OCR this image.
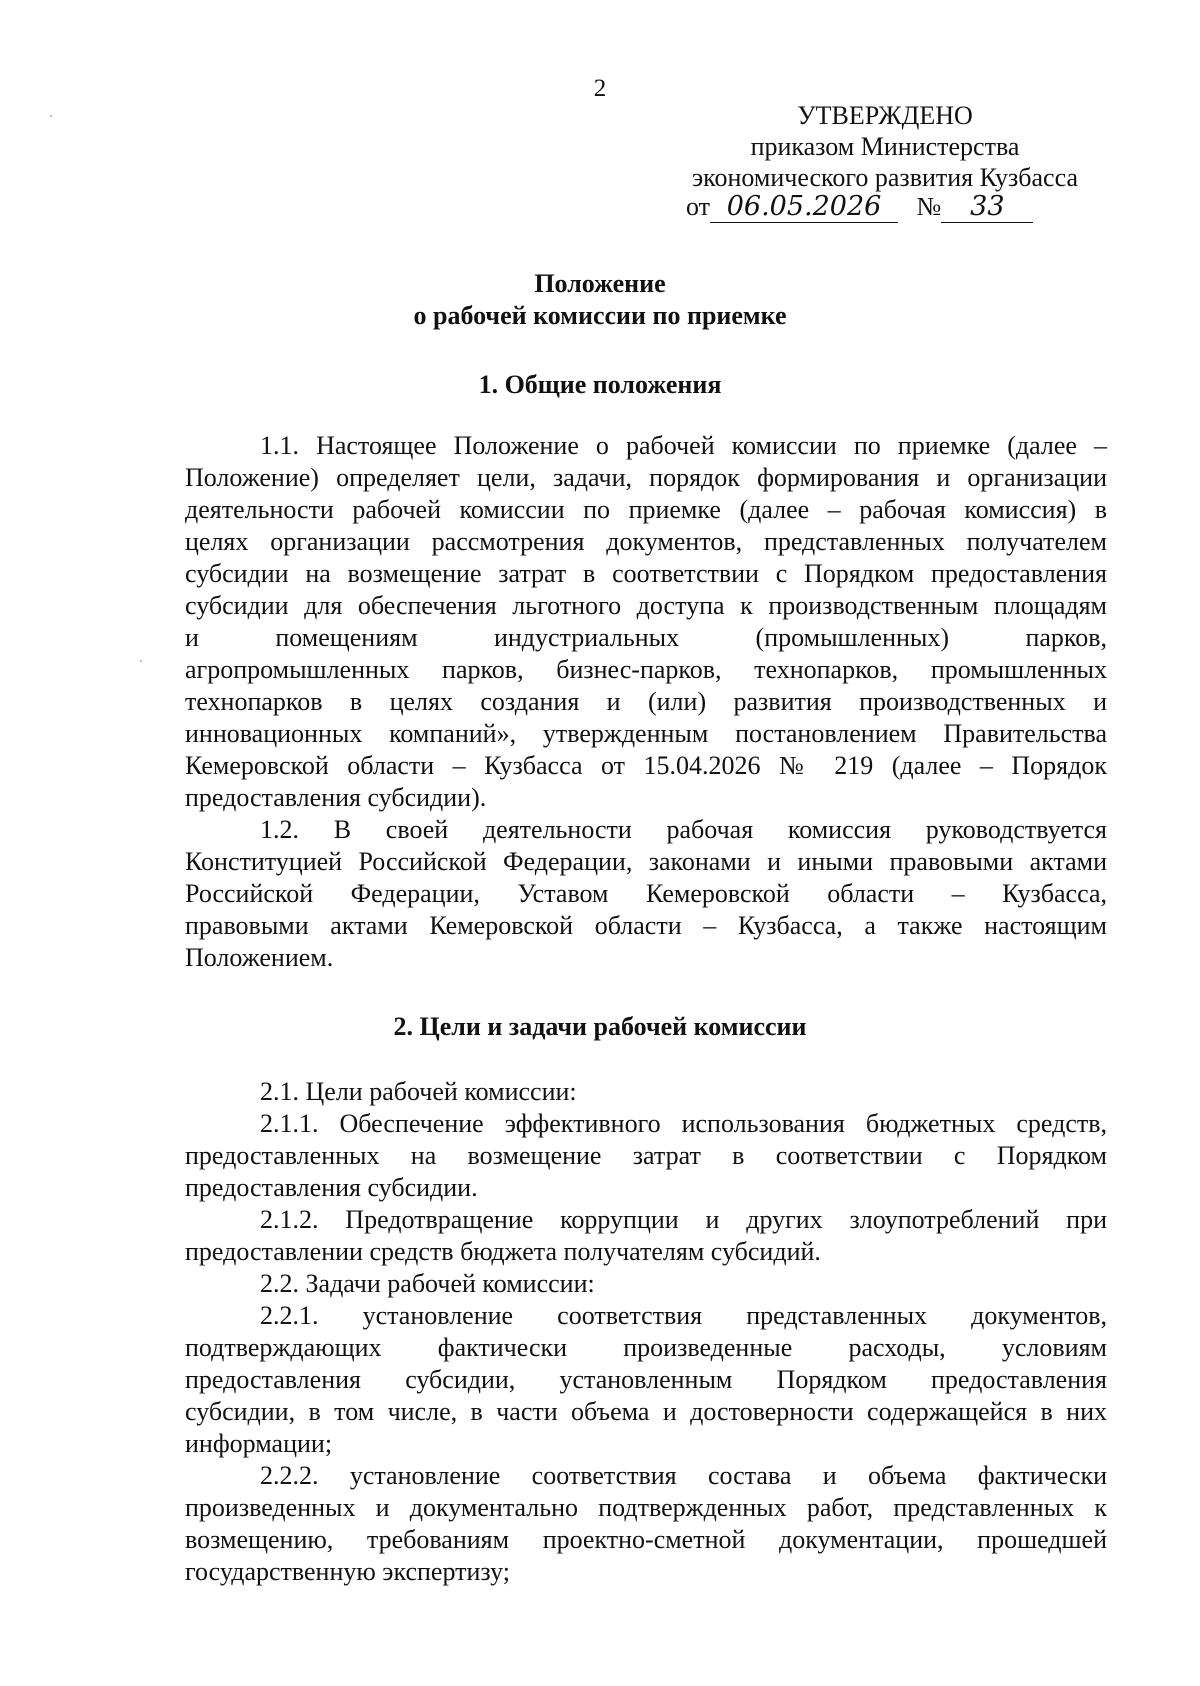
2
УТВЕРЖДЕНО
приказом Министерства
экономического развития Кузбасса
от 06.05.2026 № 33
Положение
о рабочей комиссии по приемке
1. Общие положения
1.1. Настоящее Положение о рабочей комиссии по приемке (далее –
Положение) определяет цели, задачи, порядок формирования и организации
деятельности рабочей комиссии по приемке (далее – рабочая комиссия) в
целях организации рассмотрения документов, представленных получателем
субсидии на возмещение затрат в соответствии с Порядком предоставления
субсидии для обеспечения льготного доступа к производственным площадям
и помещениям индустриальных (промышленных) парков,
агропромышленных парков, бизнес-парков, технопарков, промышленных
технопарков в целях создания и (или) развития производственных и
инновационных компаний», утвержденным постановлением Правительства
Кемеровской области – Кузбасса от 15.04.2026 № 219 (далее – Порядок
предоставления субсидии).
1.2. В своей деятельности рабочая комиссия руководствуется
Конституцией Российской Федерации, законами и иными правовыми актами
Российской Федерации, Уставом Кемеровской области – Кузбасса,
правовыми актами Кемеровской области – Кузбасса, а также настоящим
Положением.
2. Цели и задачи рабочей комиссии
2.1. Цели рабочей комиссии:
2.1.1. Обеспечение эффективного использования бюджетных средств,
предоставленных на возмещение затрат в соответствии с Порядком
предоставления субсидии.
2.1.2. Предотвращение коррупции и других злоупотреблений при
предоставлении средств бюджета получателям субсидий.
2.2. Задачи рабочей комиссии:
2.2.1. установление соответствия представленных документов,
подтверждающих фактически произведенные расходы, условиям
предоставления субсидии, установленным Порядком предоставления
субсидии, в том числе, в части объема и достоверности содержащейся в них
информации;
2.2.2. установление соответствия состава и объема фактически
произведенных и документально подтвержденных работ, представленных к
возмещению, требованиям проектно-сметной документации, прошедшей
государственную экспертизу;
